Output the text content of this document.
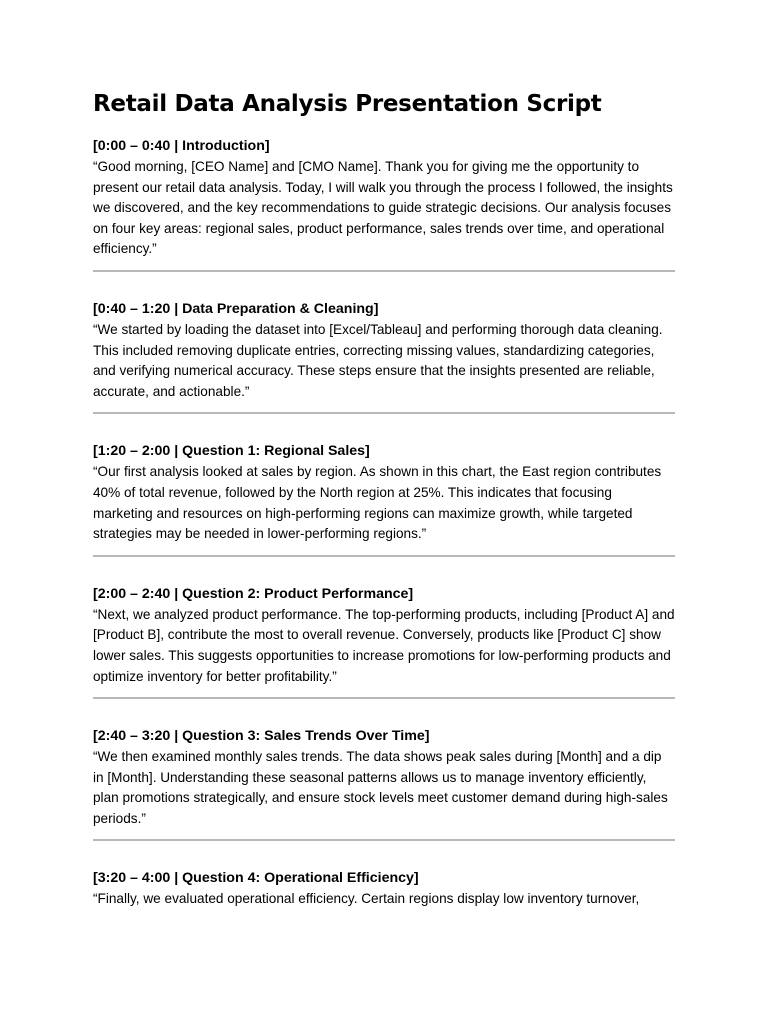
Retail Data Analysis Presentation Script
[0:00 – 0:40 | Introduction]

“Good morning, [CEO Name] and [CMO Name]. Thank you for giving me the opportunity to present our retail data analysis. Today, I will walk you through the process I followed, the insights we discovered, and the key recommendations to guide strategic decisions. Our analysis focuses on four key areas: regional sales, product performance, sales trends over time, and operational efficiency.”

[0:40 – 1:20 | Data Preparation & Cleaning]

“We started by loading the dataset into [Excel/Tableau] and performing thorough data cleaning. This included removing duplicate entries, correcting missing values, standardizing categories, and verifying numerical accuracy. These steps ensure that the insights presented are reliable, accurate, and actionable.”

[1:20 – 2:00 | Question 1: Regional Sales]

“Our first analysis looked at sales by region. As shown in this chart, the East region contributes 40% of total revenue, followed by the North region at 25%. This indicates that focusing marketing and resources on high-performing regions can maximize growth, while targeted strategies may be needed in lower-performing regions.”

[2:00 – 2:40 | Question 2: Product Performance]

“Next, we analyzed product performance. The top-performing products, including [Product A] and [Product B], contribute the most to overall revenue. Conversely, products like [Product C] show lower sales. This suggests opportunities to increase promotions for low-performing products and optimize inventory for better profitability.”

[2:40 – 3:20 | Question 3: Sales Trends Over Time]

“We then examined monthly sales trends. The data shows peak sales during [Month] and a dip in [Month]. Understanding these seasonal patterns allows us to manage inventory efficiently, plan promotions strategically, and ensure stock levels meet customer demand during high-sales periods.”

[3:20 – 4:00 | Question 4: Operational Efficiency]

“Finally, we evaluated operational efficiency. Certain regions display low inventory turnover,
